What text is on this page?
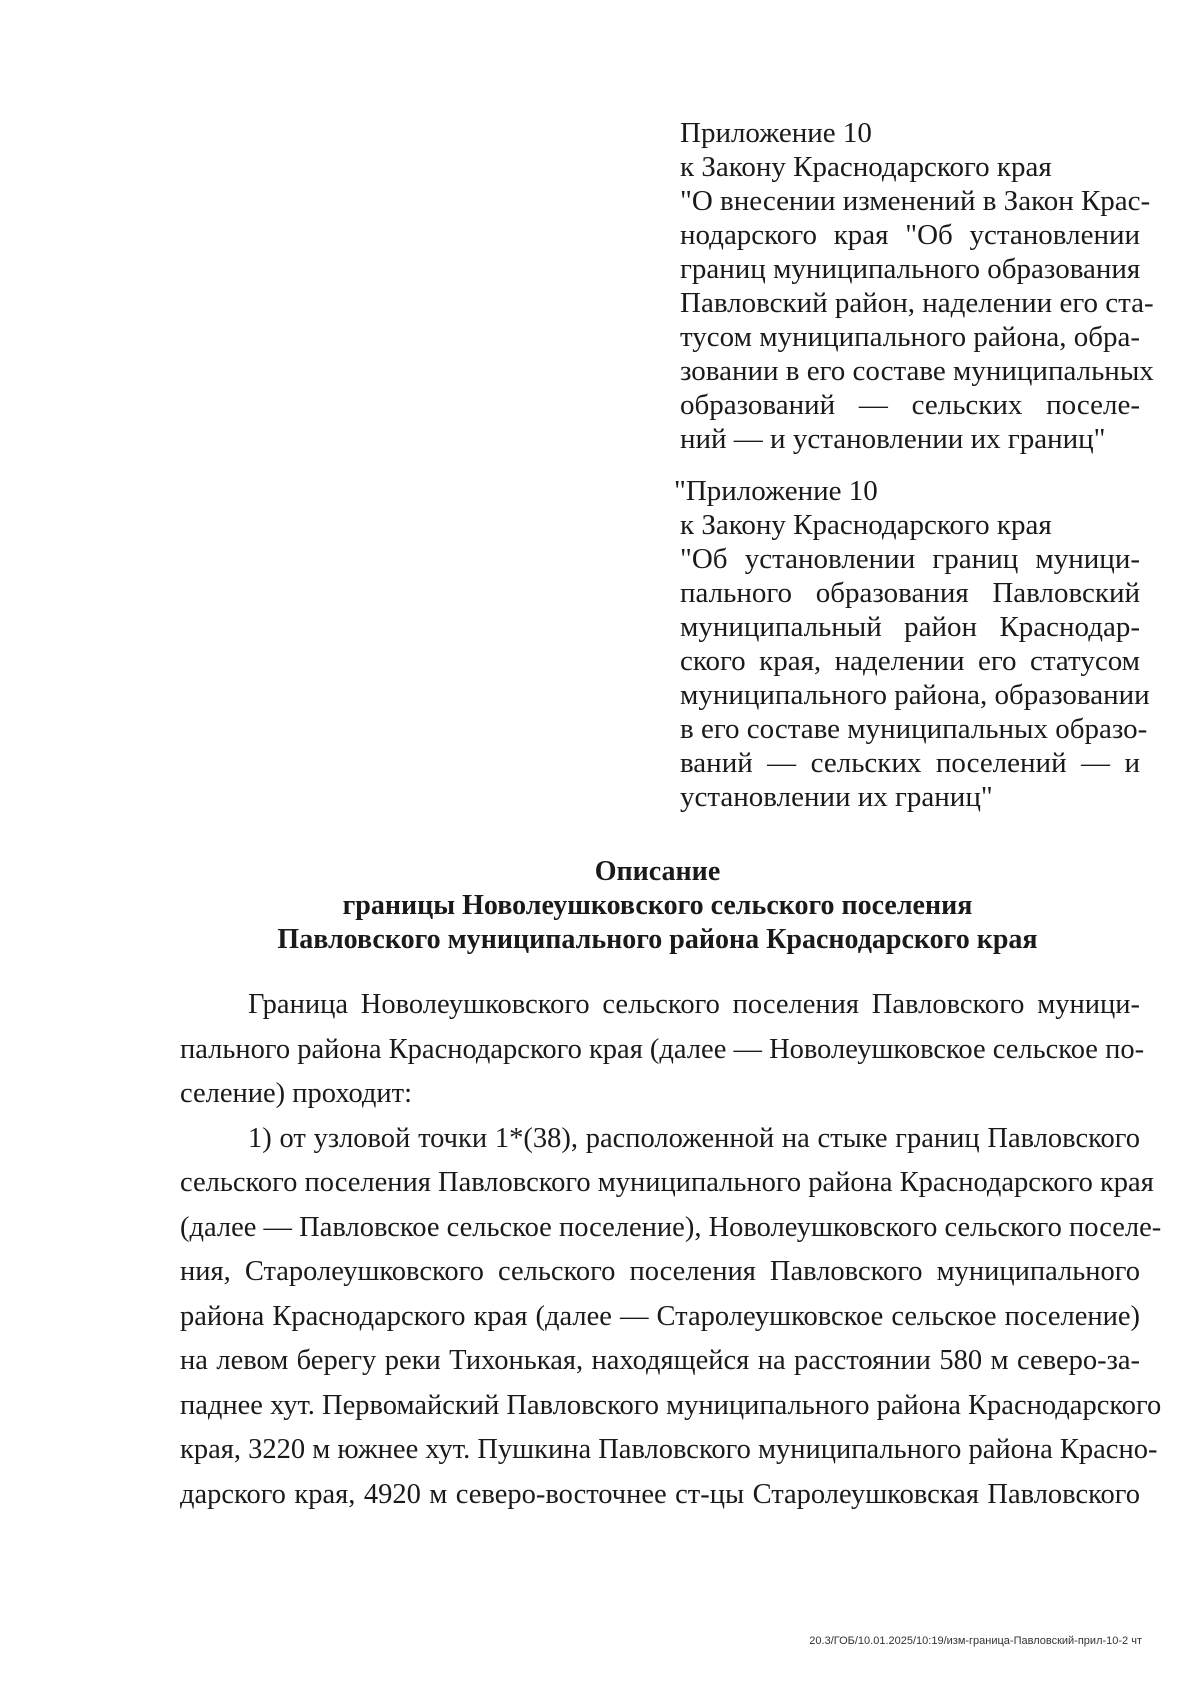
Приложение 10
к Закону Краснодарского края
"О внесении изменений в Закон Крас-
нодарского края "Об установлении
границ муниципального образования
Павловский район, наделении его ста-
тусом муниципального района, обра-
зовании в его составе муниципальных
образований — сельских поселе-
ний — и установлении их границ"
"Приложение 10
к Закону Краснодарского края
"Об установлении границ муници-
пального образования Павловский
муниципальный район Краснодар-
ского края, наделении его статусом
муниципального района, образовании
в его составе муниципальных образо-
ваний — сельских поселений — и
установлении их границ"
Описание
границы Новолеушковского сельского поселения
Павловского муниципального района Краснодарского края
Граница Новолеушковского сельского поселения Павловского муници-
пального района Краснодарского края (далее — Новолеушковское сельское по-
селение) проходит:
1) от узловой точки 1*(38), расположенной на стыке границ Павловского
сельского поселения Павловского муниципального района Краснодарского края
(далее — Павловское сельское поселение), Новолеушковского сельского поселе-
ния, Старолеушковского сельского поселения Павловского муниципального
района Краснодарского края (далее — Старолеушковское сельское поселение)
на левом берегу реки Тихонькая, находящейся на расстоянии 580 м северо-за-
паднее хут. Первомайский Павловского муниципального района Краснодарского
края, 3220 м южнее хут. Пушкина Павловского муниципального района Красно-
дарского края, 4920 м северо-восточнее ст-цы Старолеушковская Павловского
20.3/ГОБ/10.01.2025/10:19/изм-граница-Павловский-прил-10-2 чт
